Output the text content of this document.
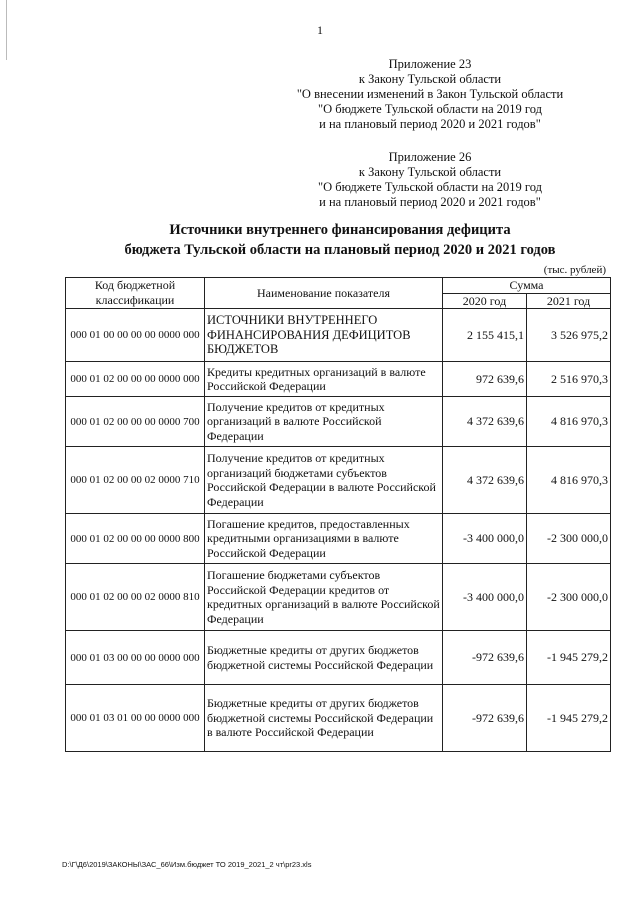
1
Приложение 23
к Закону Тульской области
"О внесении изменений в Закон Тульской области
"О бюджете Тульской области на 2019 год
и на плановый период 2020 и 2021 годов"
Приложение 26
к Закону Тульской области
"О бюджете Тульской области на 2019 год
и на плановый период 2020 и 2021 годов"
Источники внутреннего финансирования дефицита
бюджета Тульской области на плановый период 2020 и 2021 годов
(тыс. рублей)
Код бюджетной классификации	Наименование показателя	Сумма	
		2020 год	2021 год
000 01 00 00 00 00 0000 000	ИСТОЧНИКИ ВНУТРЕННЕГО ФИНАНСИРОВАНИЯ ДЕФИЦИТОВ БЮДЖЕТОВ	2 155 415,1	3 526 975,2
000 01 02 00 00 00 0000 000	Кредиты кредитных организаций в валюте Российской Федерации	972 639,6	2 516 970,3
000 01 02 00 00 00 0000 700	Получение кредитов от кредитных организаций в валюте Российской Федерации	4 372 639,6	4 816 970,3
000 01 02 00 00 02 0000 710	Получение кредитов от кредитных организаций бюджетами субъектов Российской Федерации в валюте Российской Федерации	4 372 639,6	4 816 970,3
000 01 02 00 00 00 0000 800	Погашение кредитов, предоставленных кредитными организациями в валюте Российской Федерации	-3 400 000,0	-2 300 000,0
000 01 02 00 00 02 0000 810	Погашение бюджетами субъектов Российской Федерации кредитов от кредитных организаций в валюте Российской Федерации	-3 400 000,0	-2 300 000,0
000 01 03 00 00 00 0000 000	Бюджетные кредиты от других бюджетов бюджетной системы Российской Федерации	-972 639,6	-1 945 279,2
000 01 03 01 00 00 0000 000	Бюджетные кредиты от других бюджетов бюджетной системы Российской Федерации в валюте Российской Федерации	-972 639,6	-1 945 279,2
D:\Г\Д6\2019\ЗАКОНЫ\ЗАС_66\Изм.бюджет ТО 2019_2021_2 чт\pr23.xls
